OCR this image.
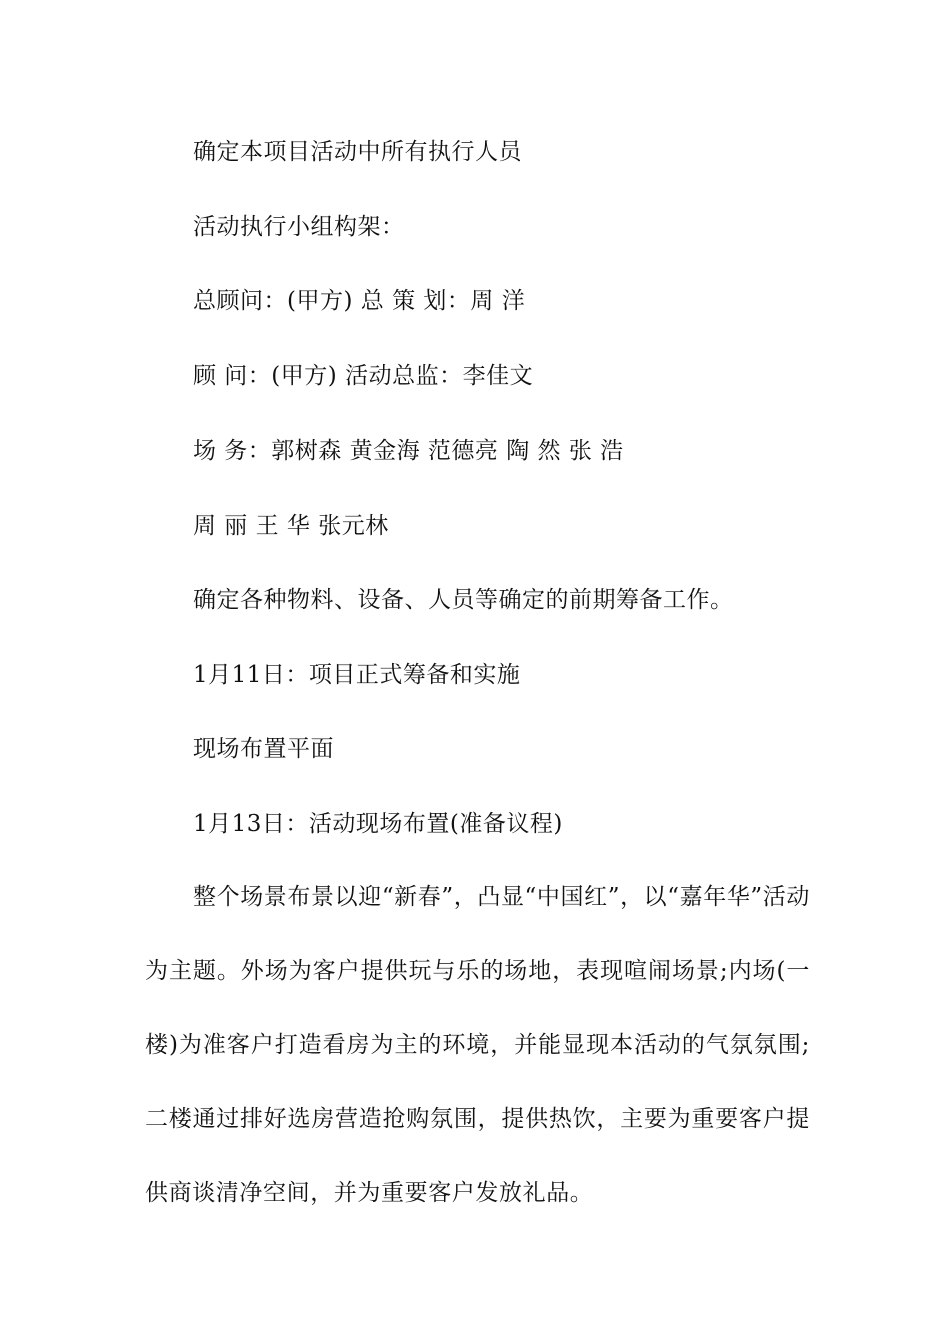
确定本项目活动中所有执行人员
活动执行小组构架：
总顾问：(甲方) 总 策 划：周 洋
顾 问：(甲方) 活动总监：李佳文
场 务：郭树森 黄金海 范德亮 陶 然 张 浩
周 丽 王 华 张元林
确定各种物料、设备、人员等确定的前期筹备工作。
1月11日：项目正式筹备和实施
现场布置平面
1月13日：活动现场布置(准备议程)

整个场景布景以迎“新春”，凸显“中国红”，以“嘉年华”活动为主题。外场为客户提供玩与乐的场地，表现喧闹场景;内场(一楼)为准客户打造看房为主的环境，并能显现本活动的气氛氛围;二楼通过排好选房营造抢购氛围，提供热饮，主要为重要客户提供商谈清净空间，并为重要客户发放礼品。
